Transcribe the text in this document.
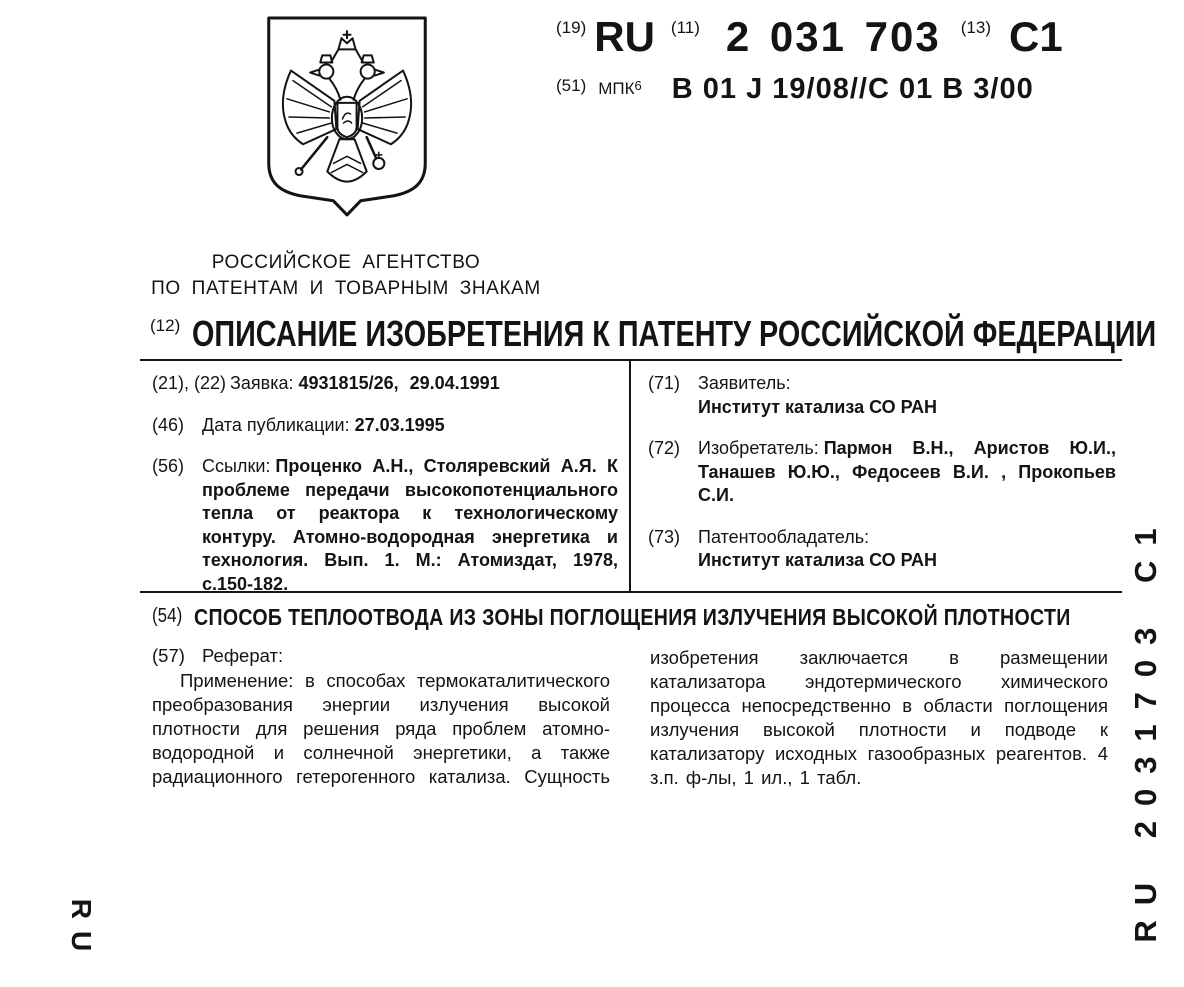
РОССИЙСКОЕ АГЕНТСТВО
ПО ПАТЕНТАМ И ТОВАРНЫМ ЗНАКАМ
(19) RU (11) 2 031 703 (13) C1
(51) МПК$^6$ B 01 J 19/08//C 01 B 3/00
(12) ОПИСАНИЕ ИЗОБРЕТЕНИЯ К ПАТЕНТУ РОССИЙСКОЙ ФЕДЕРАЦИИ
(21), (22) Заявка: 4931815/26, 29.04.1991
(46) Дата публикации: 27.03.1995
(56) Ссылки: Проценко А.Н., Столяревский А.Я. К проблеме передачи высокопотенциального тепла от реактора к технологическому контуру. Атомно-водородная энергетика и технология. Вып. 1. М.: Атомиздат, 1978, с.150-182.
(71) Заявитель:
Институт катализа СО РАН
(72) Изобретатель: Пармон В.Н., Аристов Ю.И., Танашев Ю.Ю., Федосеев В.И. , Прокопьев С.И.
(73) Патентообладатель:
Институт катализа СО РАН
(54) СПОСОБ ТЕПЛООТВОДА ИЗ ЗОНЫ ПОГЛОЩЕНИЯ ИЗЛУЧЕНИЯ ВЫСОКОЙ ПЛОТНОСТИ
(57) Реферат:
Применение: в способах термокаталитического преобразования энергии излучения высокой плотности для решения ряда проблем атомно-водородной и солнечной энергетики, а также радиационного гетерогенного катализа. Сущность
изобретения заключается в размещении катализатора эндотермического химического процесса непосредственно в области поглощения излучения высокой плотности и подводе к катализатору исходных газообразных реагентов. 4 з.п. ф-лы, 1 ил., 1 табл.	RU 2031703 C1
RU
